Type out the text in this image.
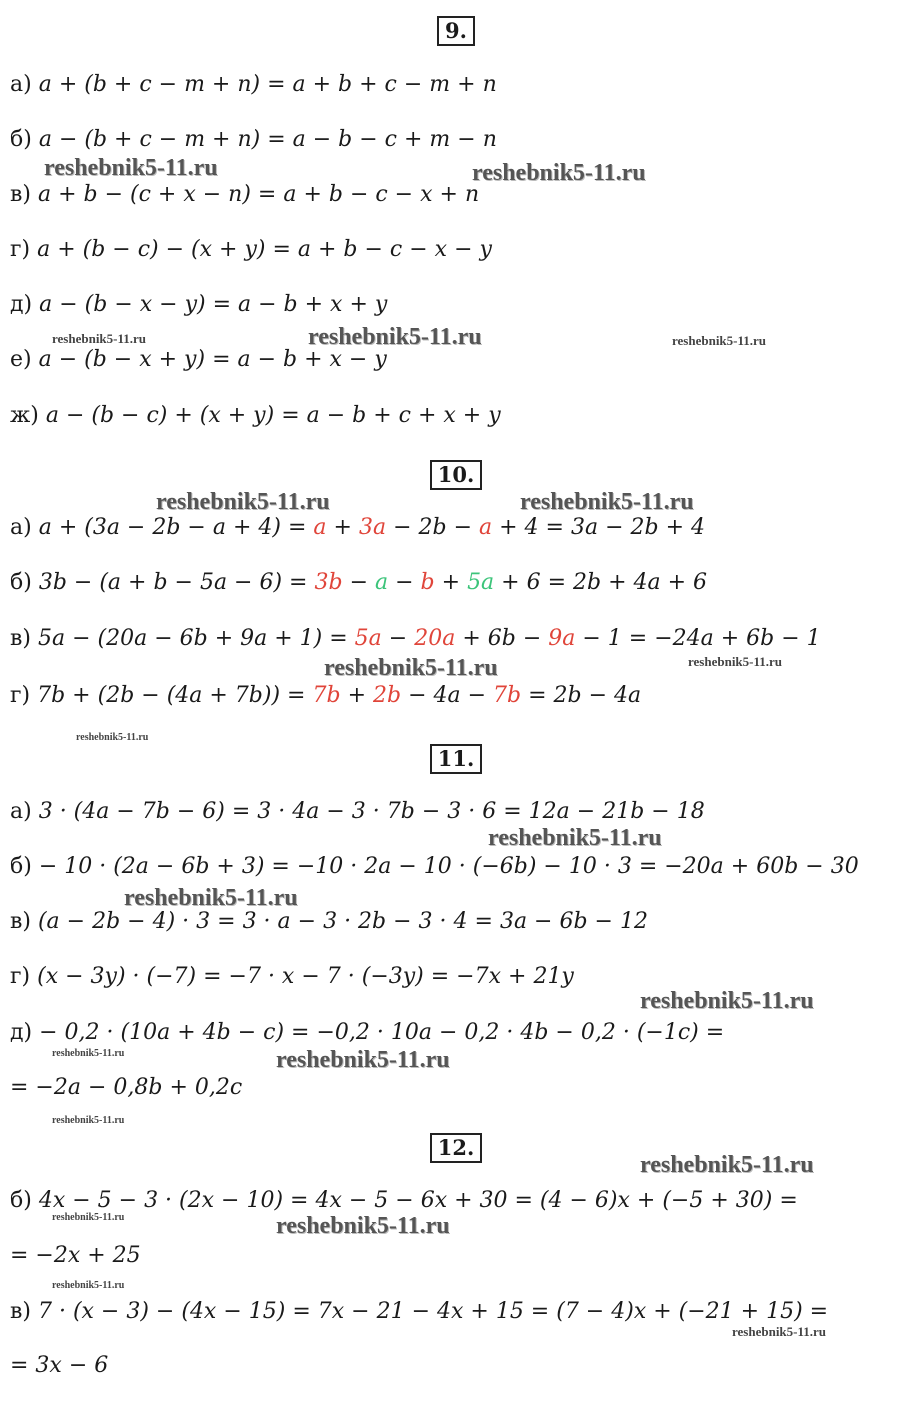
9.
10.
11.
12.
а) a + (b + c − m + n) = a + b + c − m + n
б) a − (b + c − m + n) = a − b − c + m − n
в) a + b − (c + x − n) = a + b − c − x + n
г) a + (b − c) − (x + y) = a + b − c − x − y
д) a − (b − x − y) = a − b + x + y
е) a − (b − x + y) = a − b + x − y
ж) a − (b − c) + (x + y) = a − b + c + x + y
а) a + (3a − 2b − a + 4) = a + 3a − 2b − a + 4 = 3a − 2b + 4
б) 3b − (a + b − 5a − 6) = 3b − a − b + 5a + 6 = 2b + 4a + 6
в) 5a − (20a − 6b + 9a + 1) = 5a − 20a + 6b − 9a − 1 = −24a + 6b − 1
г) 7b + (2b − (4a + 7b)) = 7b + 2b − 4a − 7b = 2b − 4a
а) 3 · (4a − 7b − 6) = 3 · 4a − 3 · 7b − 3 · 6 = 12a − 21b − 18
б) − 10 · (2a − 6b + 3) = −10 · 2a − 10 · (−6b) − 10 · 3 = −20a + 60b − 30
в) (a − 2b − 4) · 3 = 3 · a − 3 · 2b − 3 · 4 = 3a − 6b − 12
г) (x − 3y) · (−7) = −7 · x − 7 · (−3y) = −7x + 21y
д) − 0,2 · (10a + 4b − c) = −0,2 · 10a − 0,2 · 4b − 0,2 · (−1c) =
= −2a − 0,8b + 0,2c
б) 4x − 5 − 3 · (2x − 10) = 4x − 5 − 6x + 30 = (4 − 6)x + (−5 + 30) =
= −2x + 25
в) 7 · (x − 3) − (4x − 15) = 7x − 21 − 4x + 15 = (7 − 4)x + (−21 + 15) =
= 3x − 6
reshebnik5-11.ru	reshebnik5-11.ru
reshebnik5-11.ru	reshebnik5-11.ru	reshebnik5-11.ru
reshebnik5-11.ru	reshebnik5-11.ru
reshebnik5-11.ru	reshebnik5-11.ru
reshebnik5-11.ru
reshebnik5-11.ru
reshebnik5-11.ru
reshebnik5-11.ru
reshebnik5-11.ru	reshebnik5-11.ru
reshebnik5-11.ru
reshebnik5-11.ru
reshebnik5-11.ru	reshebnik5-11.ru
reshebnik5-11.ru
reshebnik5-11.ru
